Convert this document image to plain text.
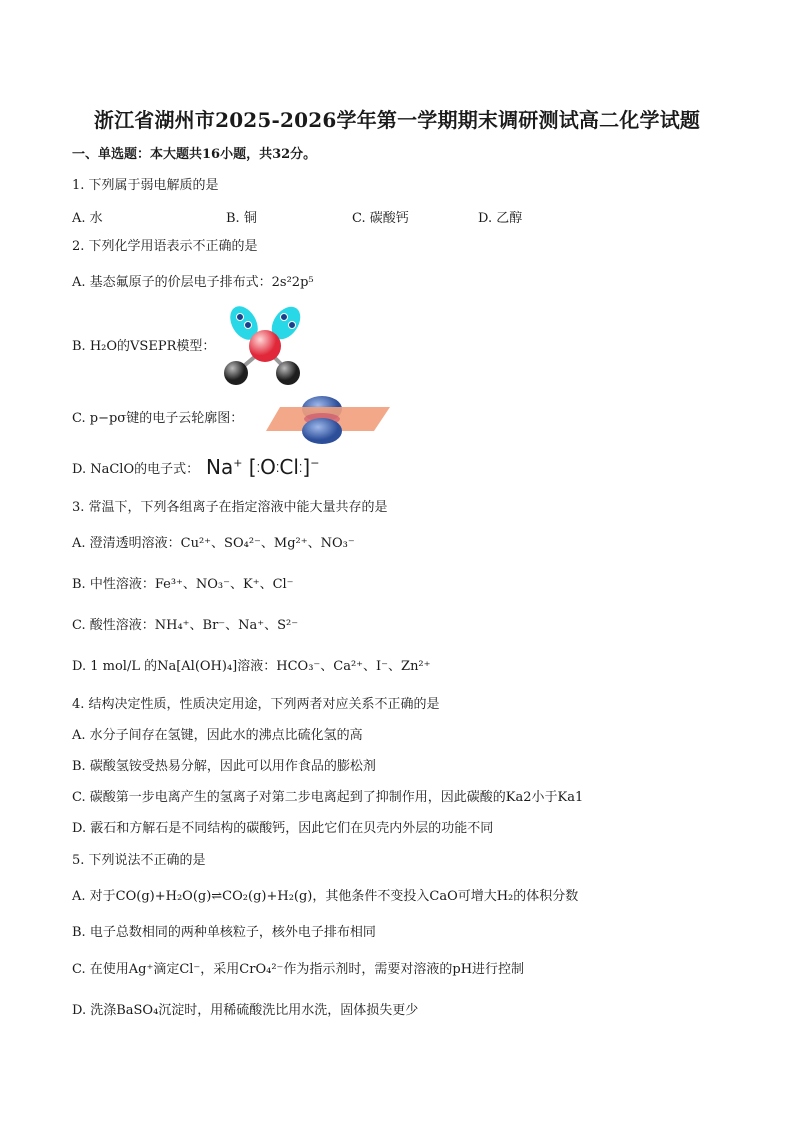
浙江省湖州市2025-2026学年第一学期期末调研测试高二化学试题
一、单选题：本大题共16小题，共32分。
1. 下列属于弱电解质的是
A. 水	B. 铜	C. 碳酸钙	D. 乙醇
2. 下列化学用语表示不正确的是
A. 基态氟原子的价层电子排布式：2s²2p⁵
B. H₂O的VSEPR模型：
C. p−pσ键的电子云轮廓图：
D. NaClO的电子式： Na+ [⁚O⁚Cl⁚]−
3. 常温下，下列各组离子在指定溶液中能大量共存的是
A. 澄清透明溶液：Cu²⁺、SO₄²⁻、Mg²⁺、NO₃⁻
B. 中性溶液：Fe³⁺、NO₃⁻、K⁺、Cl⁻
C. 酸性溶液：NH₄⁺、Br⁻、Na⁺、S²⁻
D. 1 mol/L 的Na[Al(OH)₄]溶液：HCO₃⁻、Ca²⁺、I⁻、Zn²⁺
4. 结构决定性质，性质决定用途，下列两者对应关系不正确的是
A. 水分子间存在氢键，因此水的沸点比硫化氢的高
B. 碳酸氢铵受热易分解，因此可以用作食品的膨松剂
C. 碳酸第一步电离产生的氢离子对第二步电离起到了抑制作用，因此碳酸的Ka2小于Ka1
D. 霰石和方解石是不同结构的碳酸钙，因此它们在贝壳内外层的功能不同
5. 下列说法不正确的是
A. 对于CO(g)+H₂O(g)⇌CO₂(g)+H₂(g)，其他条件不变投入CaO可增大H₂的体积分数
B. 电子总数相同的两种单核粒子，核外电子排布相同
C. 在使用Ag⁺滴定Cl⁻，采用CrO₄²⁻作为指示剂时，需要对溶液的pH进行控制
D. 洗涤BaSO₄沉淀时，用稀硫酸洗比用水洗，固体损失更少
